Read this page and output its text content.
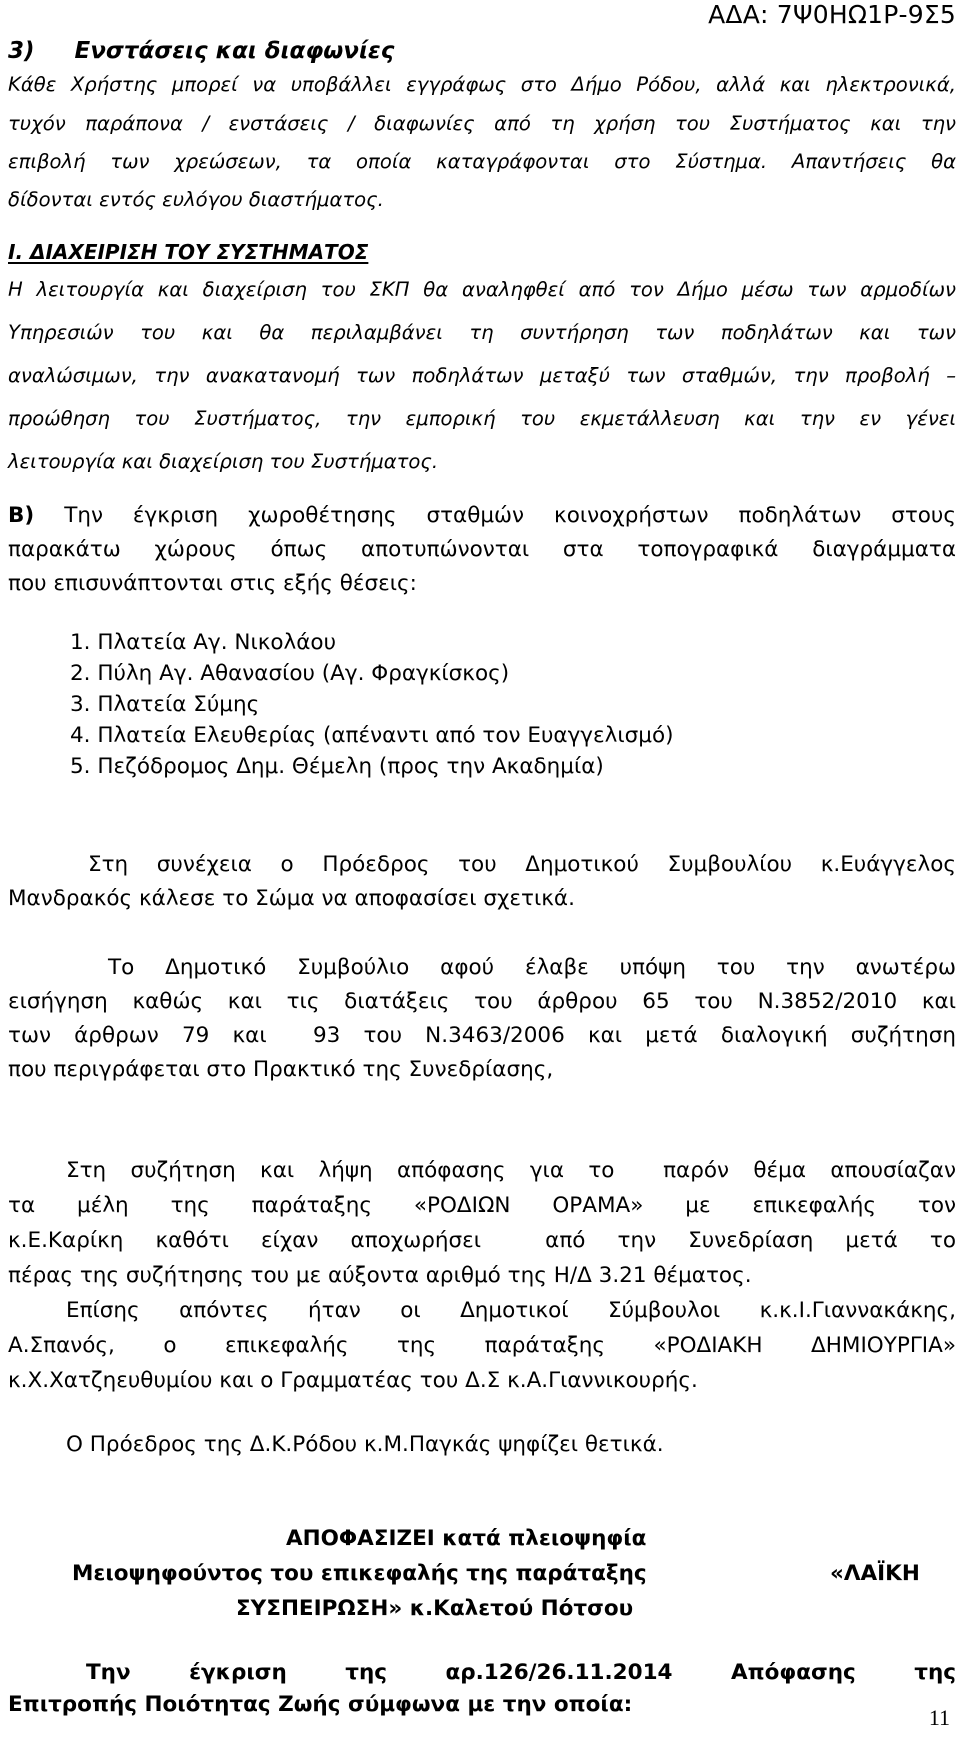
ΑΔΑ: 7Ψ0ΗΩ1Ρ-9Σ5
3)     Ενστάσεις και διαφωνίες
Κάθε Χρήστης μπορεί να υποβάλλει εγγράφως στο Δήμο Ρόδου, αλλά και ηλεκτρονικά,
τυχόν παράπονα / ενστάσεις / διαφωνίες από τη χρήση του Συστήματος και την
επιβολή των χρεώσεων, τα οποία καταγράφονται στο Σύστημα. Απαντήσεις θα
δίδονται εντός ευλόγου διαστήματος.
Ι. ΔΙΑΧΕΙΡΙΣΗ ΤΟΥ ΣΥΣΤΗΜΑΤΟΣ
Η λειτουργία και διαχείριση του ΣΚΠ θα αναληφθεί από τον Δήμο μέσω των αρμοδίων
Υπηρεσιών του και θα περιλαμβάνει τη συντήρηση των ποδηλάτων και των
αναλώσιμων, την ανακατανομή των ποδηλάτων μεταξύ των σταθμών, την προβολή –
προώθηση του Συστήματος, την εμπορική του εκμετάλλευση και την εν γένει
λειτουργία και διαχείριση του Συστήματος.
Β) Την έγκριση χωροθέτησης σταθμών κοινοχρήστων ποδηλάτων στους
παρακάτω χώρους όπως αποτυπώνονται στα τοπογραφικά διαγράμματα
που επισυνάπτονται στις εξής θέσεις:
1. Πλατεία Αγ. Νικολάου
2. Πύλη Αγ. Αθανασίου (Αγ. Φραγκίσκος)
3. Πλατεία Σύμης
4. Πλατεία Ελευθερίας (απέναντι από τον Ευαγγελισμό)
5. Πεζόδρομος Δημ. Θέμελη (προς την Ακαδημία)
Στη συνέχεια ο Πρόεδρος του Δημοτικού Συμβουλίου κ.Ευάγγελος
Μανδρακός κάλεσε το Σώμα να αποφασίσει σχετικά.
Το Δημοτικό Συμβούλιο αφού έλαβε υπόψη του την ανωτέρω
εισήγηση καθώς και τις διατάξεις του άρθρου 65 του Ν.3852/2010 και
των άρθρων 79 και  93 του Ν.3463/2006 και μετά διαλογική συζήτηση
που περιγράφεται στο Πρακτικό της Συνεδρίασης,
Στη συζήτηση και λήψη απόφασης για το  παρόν θέμα απουσίαζαν
τα μέλη της παράταξης «ΡΟΔΙΩΝ ΟΡΑΜΑ» με επικεφαλής τον
κ.Ε.Καρίκη καθότι είχαν αποχωρήσει  από την Συνεδρίαση μετά το
πέρας της συζήτησης του με αύξοντα αριθμό της Η/Δ 3.21 θέματος.
Επίσης απόντες ήταν οι Δημοτικοί Σύμβουλοι κ.κ.Ι.Γιαννακάκης,
Α.Σπανός, ο επικεφαλής της παράταξης «ΡΟΔΙΑΚΗ ΔΗΜΙΟΥΡΓΙΑ»
κ.Χ.Χατζηευθυμίου και ο Γραμματέας του Δ.Σ κ.Α.Γιαννικουρής.
Ο Πρόεδρος της Δ.Κ.Ρόδου κ.Μ.Παγκάς ψηφίζει θετικά.
ΑΠΟΦΑΣΙΖΕΙ κατά πλειοψηφία
Μειοψηφούντος του επικεφαλής της παράταξης	«ΛΑΪΚΗ
ΣΥΣΠΕΙΡΩΣΗ» κ.Καλετού Πότσου
Την έγκριση της αρ.126/26.11.2014 Απόφασης της
Επιτροπής Ποιότητας Ζωής σύμφωνα με την οποία:
11
